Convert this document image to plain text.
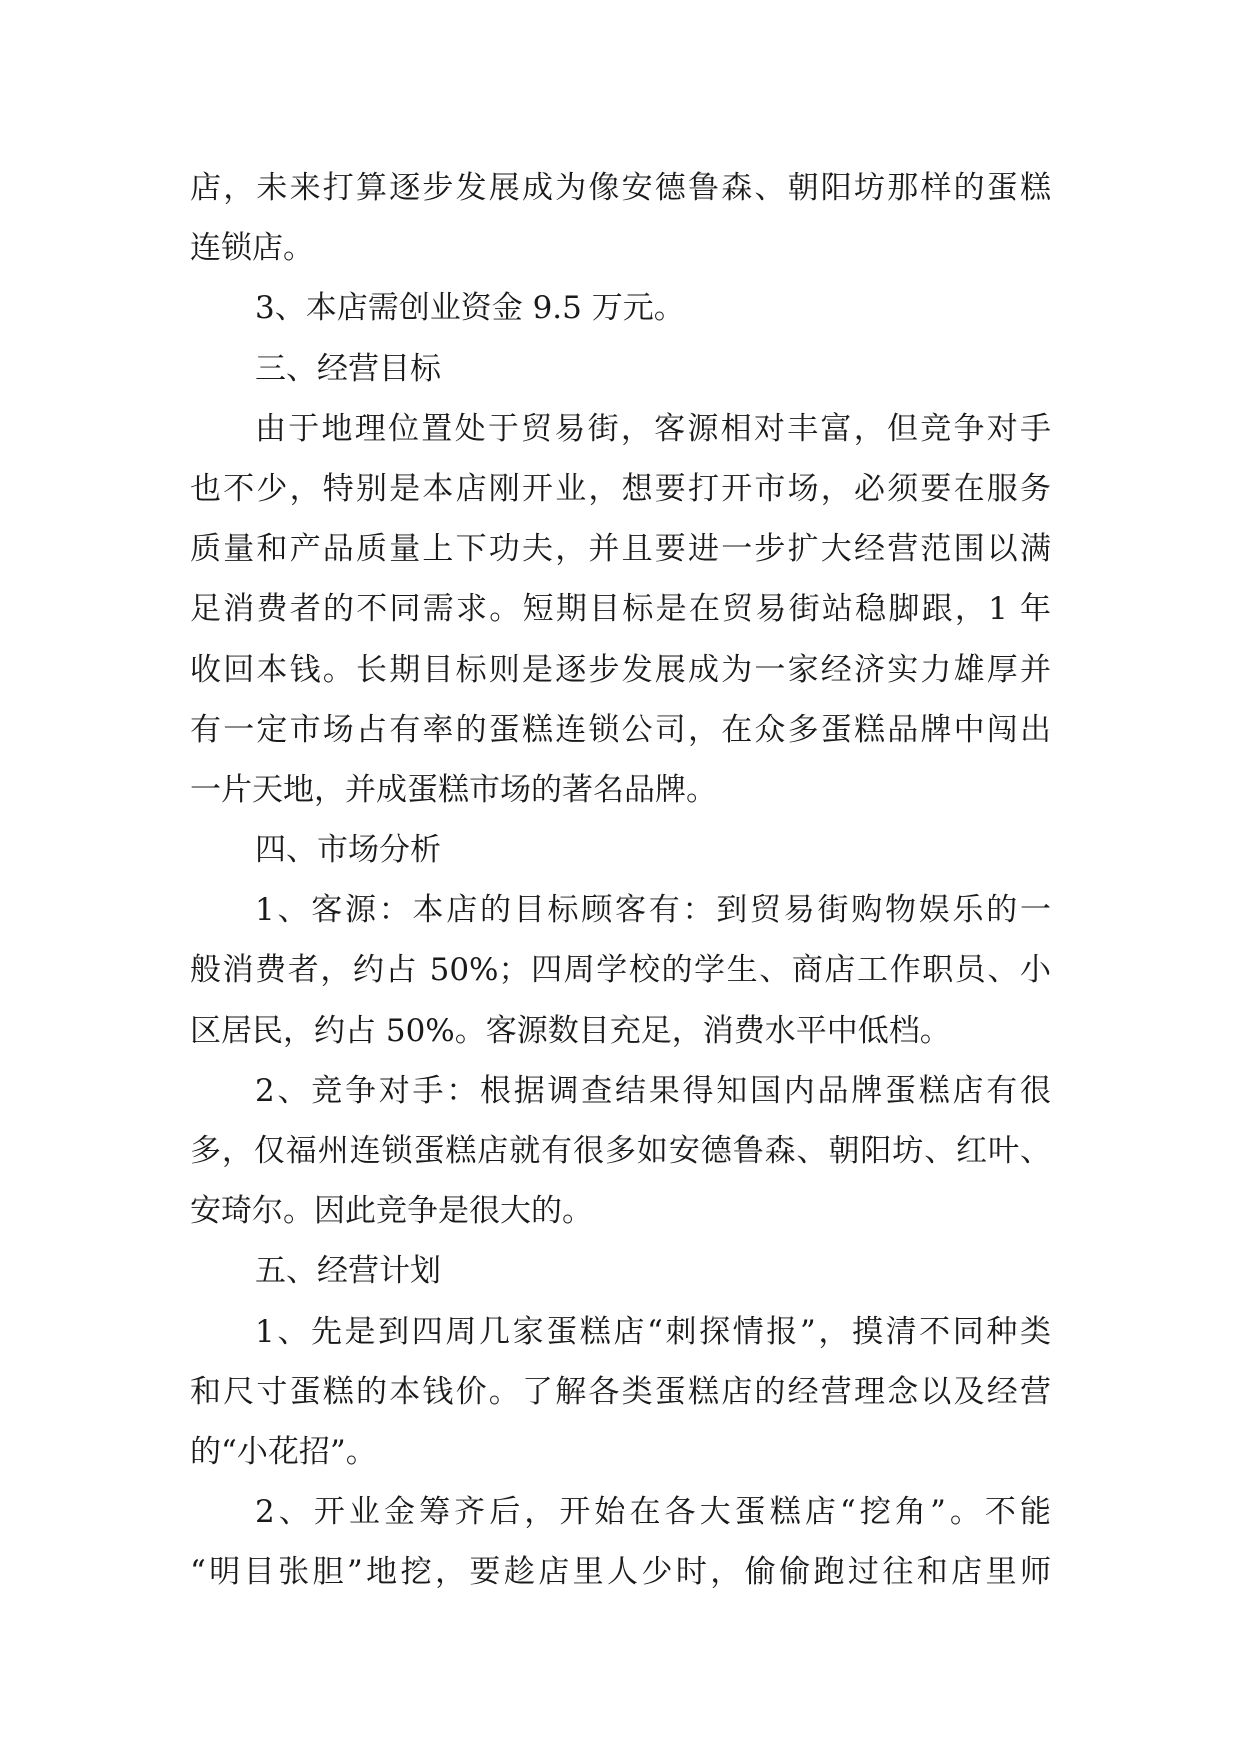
店，未来打算逐步发展成为像安德鲁森、朝阳坊那样的蛋糕
连锁店。
3、本店需创业资金 9.5 万元。
三、经营目标
由于地理位置处于贸易街，客源相对丰富，但竞争对手
也不少，特别是本店刚开业，想要打开市场，必须要在服务
质量和产品质量上下功夫，并且要进一步扩大经营范围以满
足消费者的不同需求。短期目标是在贸易街站稳脚跟，1 年
收回本钱。长期目标则是逐步发展成为一家经济实力雄厚并
有一定市场占有率的蛋糕连锁公司，在众多蛋糕品牌中闯出
一片天地，并成蛋糕市场的著名品牌。
四、市场分析
1、客源：本店的目标顾客有：到贸易街购物娱乐的一
般消费者，约占 50%；四周学校的学生、商店工作职员、小
区居民，约占 50%。客源数目充足，消费水平中低档。
2、竞争对手：根据调查结果得知国内品牌蛋糕店有很
多，仅福州连锁蛋糕店就有很多如安德鲁森、朝阳坊、红叶、
安琦尔。因此竞争是很大的。
五、经营计划
1、先是到四周几家蛋糕店“刺探情报”，摸清不同种类
和尺寸蛋糕的本钱价。了解各类蛋糕店的经营理念以及经营
的“小花招”。
2、开业金筹齐后，开始在各大蛋糕店“挖角”。不能
“明目张胆”地挖，要趁店里人少时，偷偷跑过往和店里师
